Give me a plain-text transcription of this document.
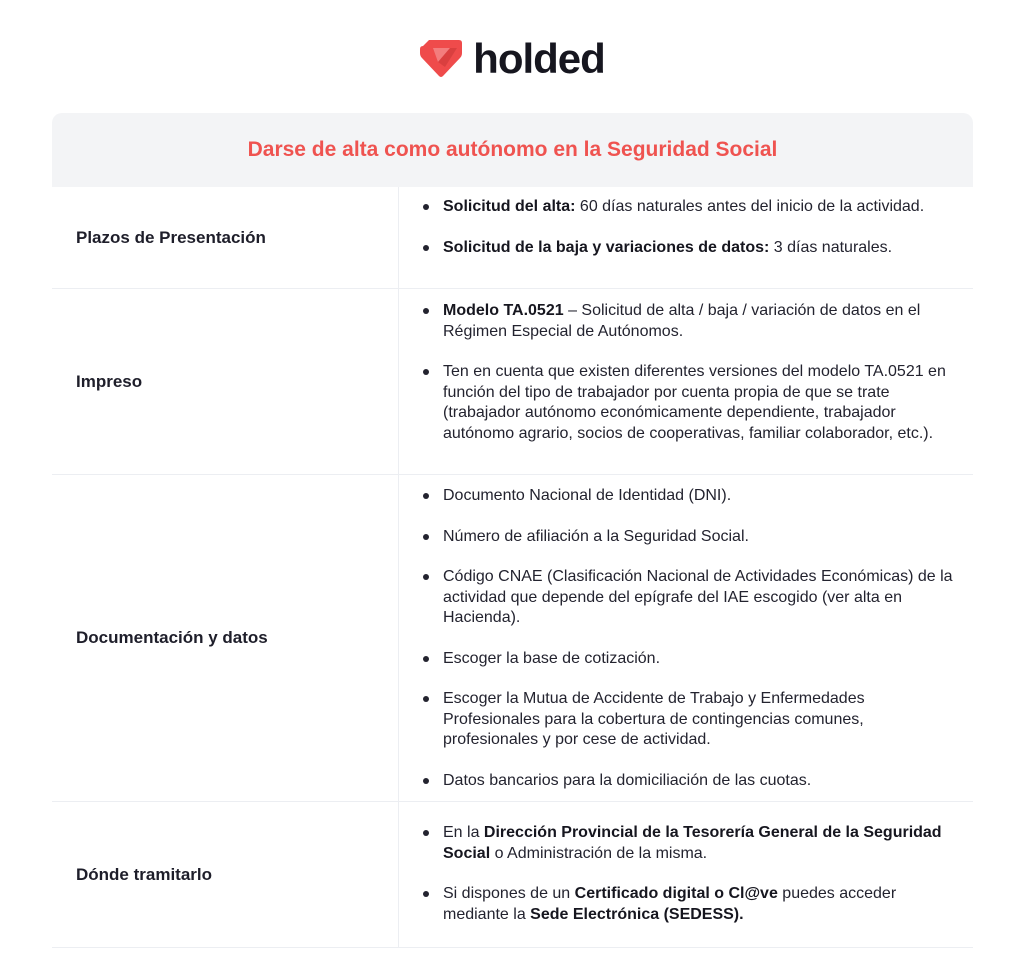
holded
Darse de alta como autónomo en la Seguridad Social
Plazos de Presentación
Solicitud del alta: 60 días naturales antes del inicio de la actividad.
Solicitud de la baja y variaciones de datos: 3 días naturales.
Impreso
Modelo TA.0521 – Solicitud de alta / baja / variación de datos en el Régimen Especial de Autónomos.
Ten en cuenta que existen diferentes versiones del modelo TA.0521 en función del tipo de trabajador por cuenta propia de que se trate (trabajador autónomo económicamente dependiente, trabajador autónomo agrario, socios de cooperativas, familiar colaborador, etc.).
Documentación y datos
Documento Nacional de Identidad (DNI).
Número de afiliación a la Seguridad Social.
Código CNAE (Clasificación Nacional de Actividades Económicas) de la actividad que depende del epígrafe del IAE escogido (ver alta en Hacienda).
Escoger la base de cotización.
Escoger la Mutua de Accidente de Trabajo y Enfermedades Profesionales para la cobertura de contingencias comunes, profesionales y por cese de actividad.
Datos bancarios para la domiciliación de las cuotas.
Dónde tramitarlo
En la Dirección Provincial de la Tesorería General de la Seguridad Social o Administración de la misma.
Si dispones de un Certificado digital o Cl@ve puedes acceder mediante la Sede Electrónica (SEDESS).
